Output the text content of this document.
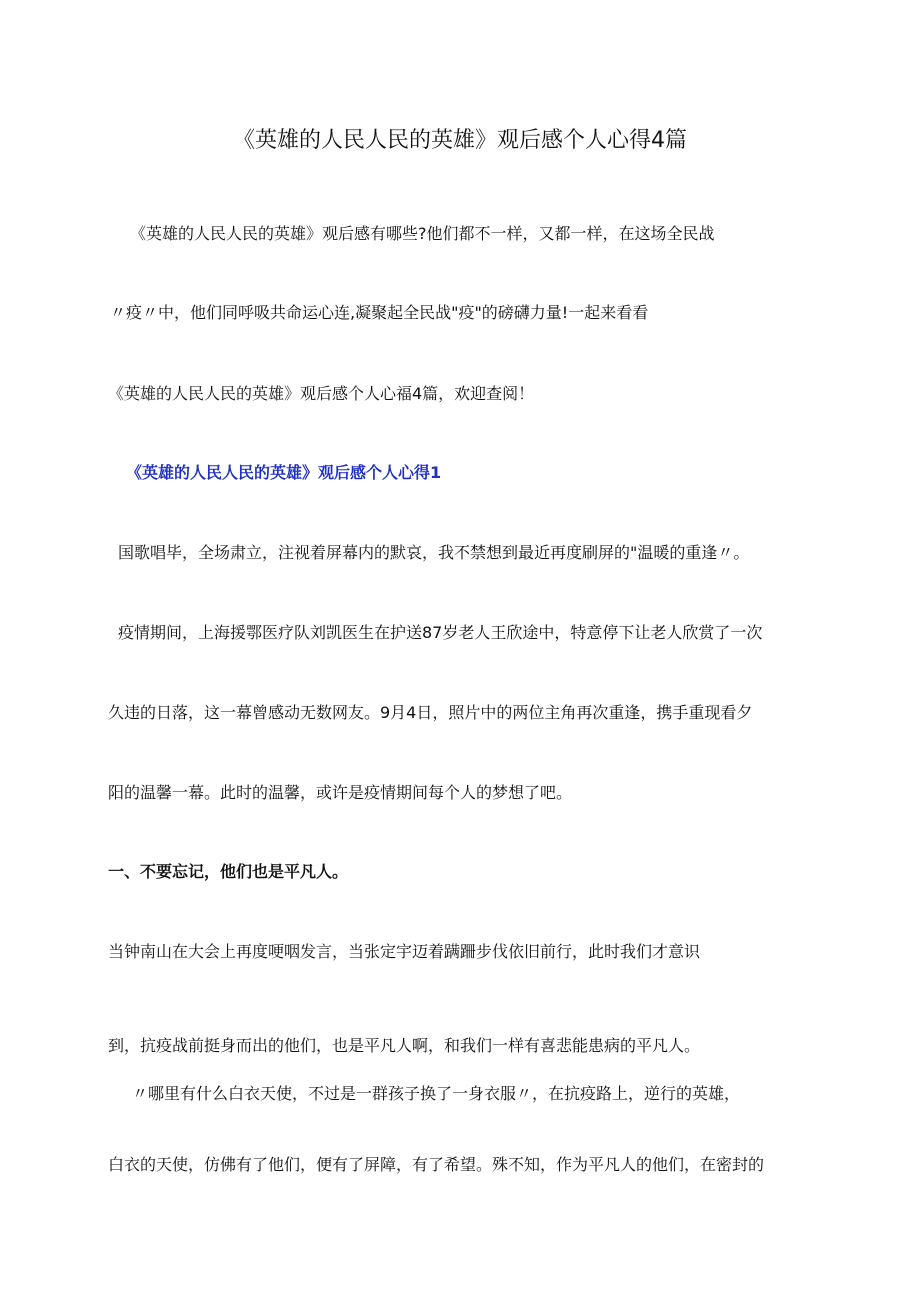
《英雄的人民人民的英雄》观后感个人心得4篇
《英雄的人民人民的英雄》观后感有哪些?他们都不一样，又都一样，在这场全民战
〃疫〃中，他们同呼吸共命运心连,凝聚起全民战"疫"的磅礴力量!一起来看看
《英雄的人民人民的英雄》观后感个人心福4篇，欢迎查阅！
《英雄的人民人民的英雄》观后感个人心得1
国歌唱毕，全场肃立，注视着屏幕内的默哀，我不禁想到最近再度刷屏的"温暖的重逢〃。
疫情期间，上海援鄂医疗队刘凯医生在护送87岁老人王欣途中，特意停下让老人欣赏了一次
久违的日落，这一幕曾感动无数网友。9月4日，照片中的两位主角再次重逢，携手重现看夕
阳的温馨一幕。此时的温馨，或许是疫情期间每个人的梦想了吧。
一、不要忘记，他们也是平凡人。
当钟南山在大会上再度哽咽发言，当张定宇迈着蹒跚步伐依旧前行，此时我们才意识
到，抗疫战前挺身而出的他们，也是平凡人啊，和我们一样有喜悲能患病的平凡人。
〃哪里有什么白衣天使，不过是一群孩子换了一身衣服〃，在抗疫路上，逆行的英雄，
白衣的天使，仿佛有了他们，便有了屏障，有了希望。殊不知，作为平凡人的他们，在密封的
